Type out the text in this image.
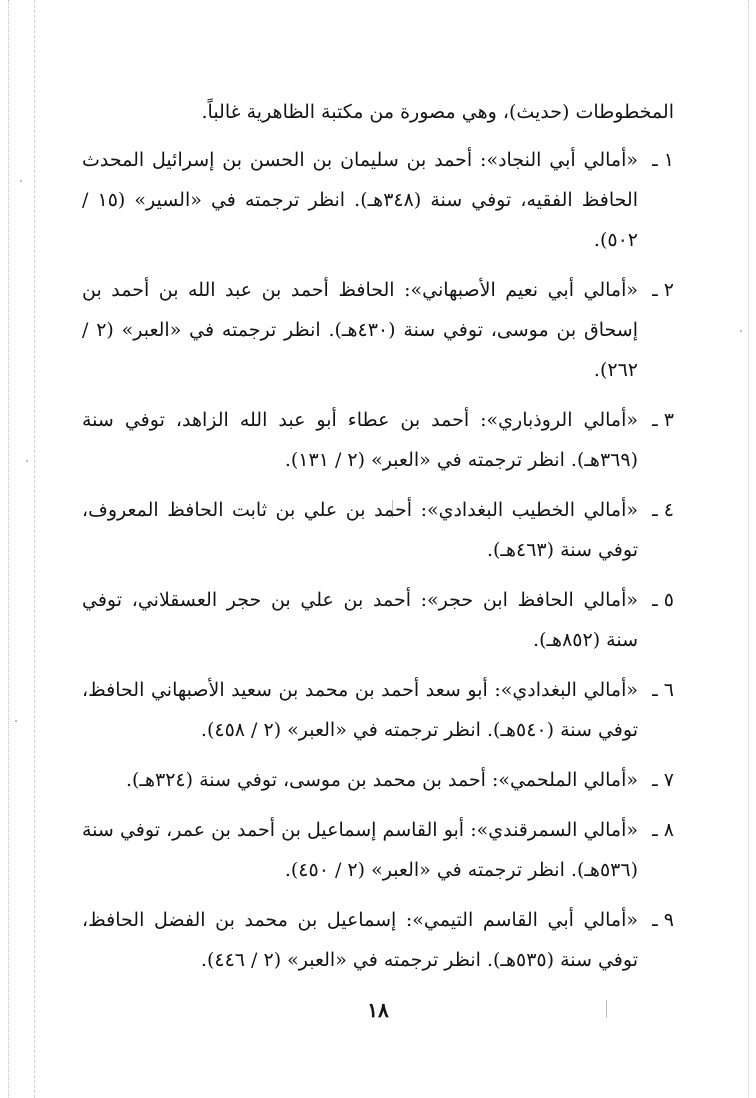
المخطوطات (حديث)، وهي مصورة من مكتبة الظاهرية غالباً.

١ ـ
«أمالي أبي النجاد»: أحمد بن سليمان بن الحسن بن إسرائيل المحدث الحافظ الفقيه، توفي سنة (٣٤٨هـ). انظر ترجمته في «السير» (١٥ / ٥٠٢).
٢ ـ
«أمالي أبي نعيم الأصبهاني»: الحافظ أحمد بن عبد الله بن أحمد بن إسحاق بن موسى، توفي سنة (٤٣٠هـ). انظر ترجمته في «العبر» (٢ / ٢٦٢).
٣ ـ
«أمالي الروذباري»: أحمد بن عطاء أبو عبد الله الزاهد، توفي سنة (٣٦٩هـ). انظر ترجمته في «العبر» (٢ / ١٣١).
٤ ـ
«أمالي الخطيب البغدادي»: أحمد بن علي بن ثابت الحافظ المعروف، توفي سنة (٤٦٣هـ).
٥ ـ
«أمالي الحافظ ابن حجر»: أحمد بن علي بن حجر العسقلاني، توفي سنة (٨٥٢هـ).
٦ ـ
«أمالي البغدادي»: أبو سعد أحمد بن محمد بن سعيد الأصبهاني الحافظ، توفي سنة (٥٤٠هـ). انظر ترجمته في «العبر» (٢ / ٤٥٨).
٧ ـ
«أمالي الملحمي»: أحمد بن محمد بن موسى، توفي سنة (٣٢٤هـ).
٨ ـ
«أمالي السمرقندي»: أبو القاسم إسماعيل بن أحمد بن عمر، توفي سنة (٥٣٦هـ). انظر ترجمته في «العبر» (٢ / ٤٥٠).
٩ ـ
«أمالي أبي القاسم التيمي»: إسماعيل بن محمد بن الفضل الحافظ، توفي سنة (٥٣٥هـ). انظر ترجمته في «العبر» (٢ / ٤٤٦).
١٨
